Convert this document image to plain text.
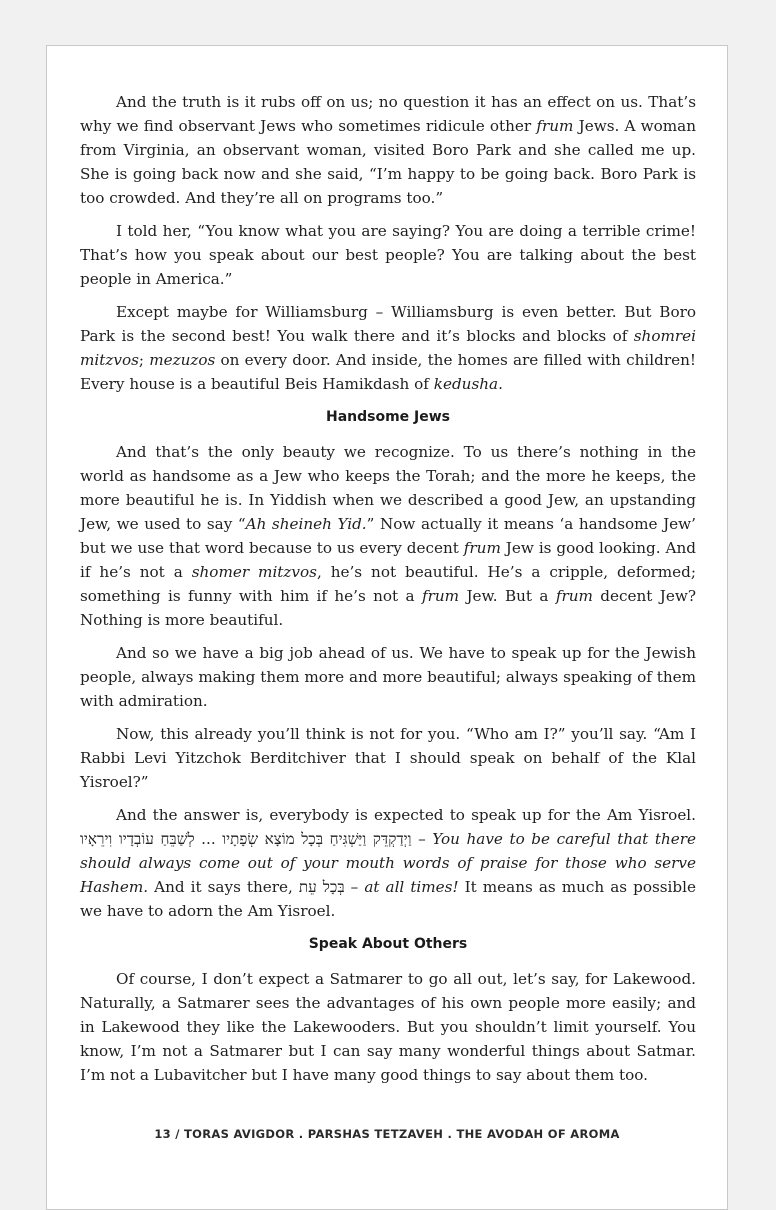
And the truth is it rubs off on us; no question it has an effect on us. That’s why we find observant Jews who sometimes ridicule other frum Jews. A woman from Virginia, an observant woman, visited Boro Park and she called me up. She is going back now and she said, “I’m happy to be going back. Boro Park is too crowded. And they’re all on programs too.”

I told her, “You know what you are saying? You are doing a terrible crime! That’s how you speak about our best people? You are talking about the best people in America.”

Except maybe for Williamsburg – Williamsburg is even better. But Boro Park is the second best! You walk there and it’s blocks and blocks of shomrei mitzvos; mezuzos on every door. And inside, the homes are filled with children! Every house is a beautiful Beis Hamikdash of kedusha.

Handsome Jews

And that’s the only beauty we recognize. To us there’s nothing in the world as handsome as a Jew who keeps the Torah; and the more he keeps, the more beautiful he is. In Yiddish when we described a good Jew, an upstanding Jew, we used to say “Ah sheineh Yid.” Now actually it means ‘a handsome Jew’ but we use that word because to us every decent frum Jew is good looking. And if he’s not a shomer mitzvos, he’s not beautiful. He’s a cripple, deformed; something is funny with him if he’s not a frum Jew. But a frum decent Jew? Nothing is more beautiful.

And so we have a big job ahead of us. We have to speak up for the Jewish people, always making them more and more beautiful; always speaking of them with admiration.

Now, this already you’ll think is not for you. “Who am I?” you’ll say. “Am I Rabbi Levi Yitzchok Berditchiver that I should speak on behalf of the Klal Yisroel?”

And the answer is, everybody is expected to speak up for the Am Yisroel. וַיְדַקְדֵּק וַיַּשְׁגִּיחַ בְּכָל מוֹצָא שְׂפָתָיו ... לְשַׁבֵּחַ עוֹבְדָיו וִירֵאָיו – You have to be careful that there should always come out of your mouth words of praise for those who serve Hashem. And it says there, בְּכָל עֵת – at all times! It means as much as possible we have to adorn the Am Yisroel.

Speak About Others

Of course, I don’t expect a Satmarer to go all out, let’s say, for Lakewood. Naturally, a Satmarer sees the advantages of his own people more easily; and in Lakewood they like the Lakewooders. But you shouldn’t limit yourself. You know, I’m not a Satmarer but I can say many wonderful things about Satmar. I’m not a Lubavitcher but I have many good things to say about them too.

13 / TORAS AVIGDOR . PARSHAS TETZAVEH . THE AVODAH OF AROMA
